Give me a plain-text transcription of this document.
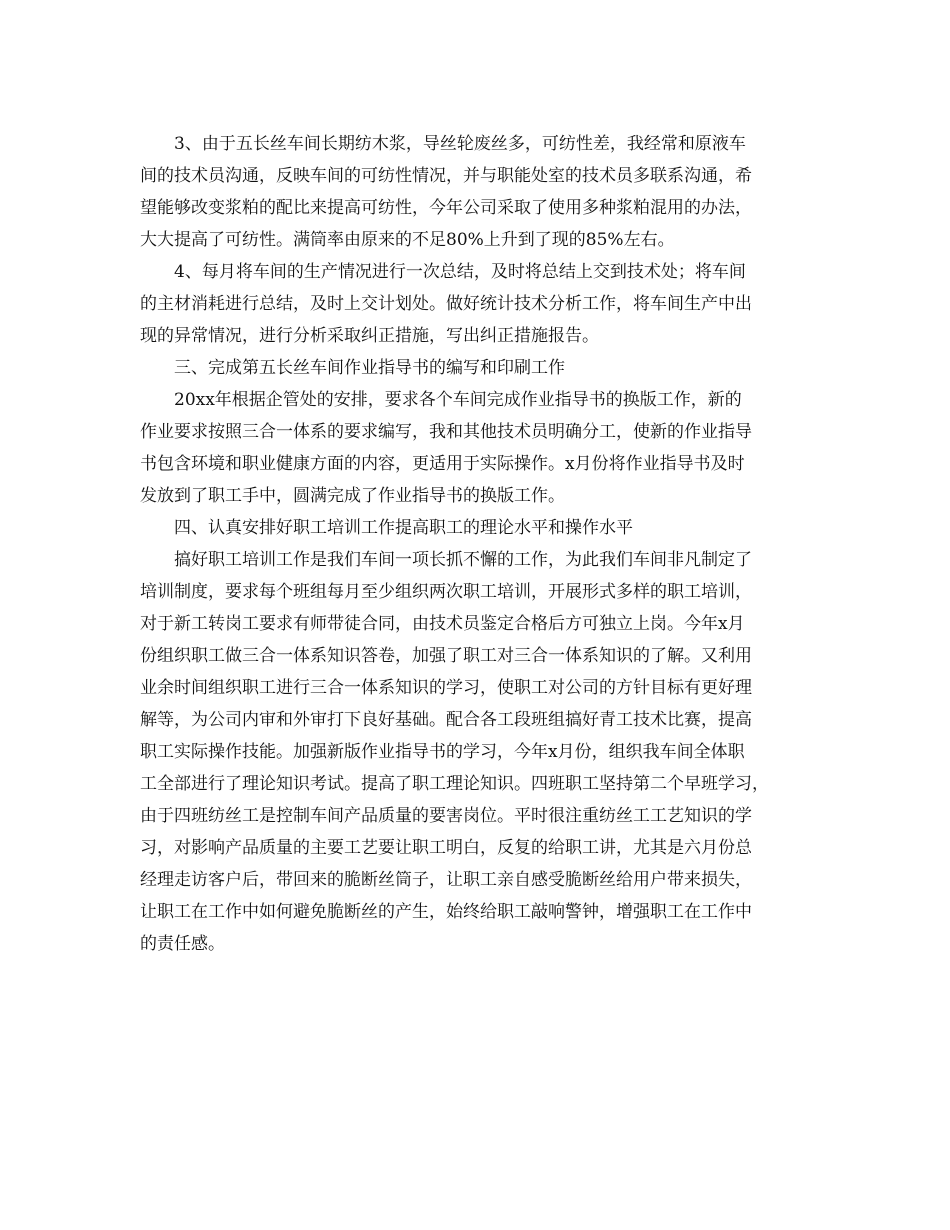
3、由于五长丝车间长期纺木浆，导丝轮废丝多，可纺性差，我经常和原液车
间的技术员沟通，反映车间的可纺性情况，并与职能处室的技术员多联系沟通，希
望能够改变浆粕的配比来提高可纺性，今年公司采取了使用多种浆粕混用的办法，
大大提高了可纺性。满筒率由原来的不足80%上升到了现的85%左右。
4、每月将车间的生产情况进行一次总结，及时将总结上交到技术处；将车间
的主材消耗进行总结，及时上交计划处。做好统计技术分析工作，将车间生产中出
现的异常情况，进行分析采取纠正措施，写出纠正措施报告。
三、完成第五长丝车间作业指导书的编写和印刷工作
20xx年根据企管处的安排，要求各个车间完成作业指导书的换版工作，新的
作业要求按照三合一体系的要求编写，我和其他技术员明确分工，使新的作业指导
书包含环境和职业健康方面的内容，更适用于实际操作。x月份将作业指导书及时
发放到了职工手中，圆满完成了作业指导书的换版工作。
四、认真安排好职工培训工作提高职工的理论水平和操作水平
搞好职工培训工作是我们车间一项长抓不懈的工作，为此我们车间非凡制定了
培训制度，要求每个班组每月至少组织两次职工培训，开展形式多样的职工培训，
对于新工转岗工要求有师带徒合同，由技术员鉴定合格后方可独立上岗。今年x月
份组织职工做三合一体系知识答卷，加强了职工对三合一体系知识的了解。又利用
业余时间组织职工进行三合一体系知识的学习，使职工对公司的方针目标有更好理
解等，为公司内审和外审打下良好基础。配合各工段班组搞好青工技术比赛，提高
职工实际操作技能。加强新版作业指导书的学习，今年x月份，组织我车间全体职
工全部进行了理论知识考试。提高了职工理论知识。四班职工坚持第二个早班学习，
由于四班纺丝工是控制车间产品质量的要害岗位。平时很注重纺丝工工艺知识的学
习，对影响产品质量的主要工艺要让职工明白，反复的给职工讲，尤其是六月份总
经理走访客户后，带回来的脆断丝筒子，让职工亲自感受脆断丝给用户带来损失，
让职工在工作中如何避免脆断丝的产生，始终给职工敲响警钟，增强职工在工作中
的责任感。
